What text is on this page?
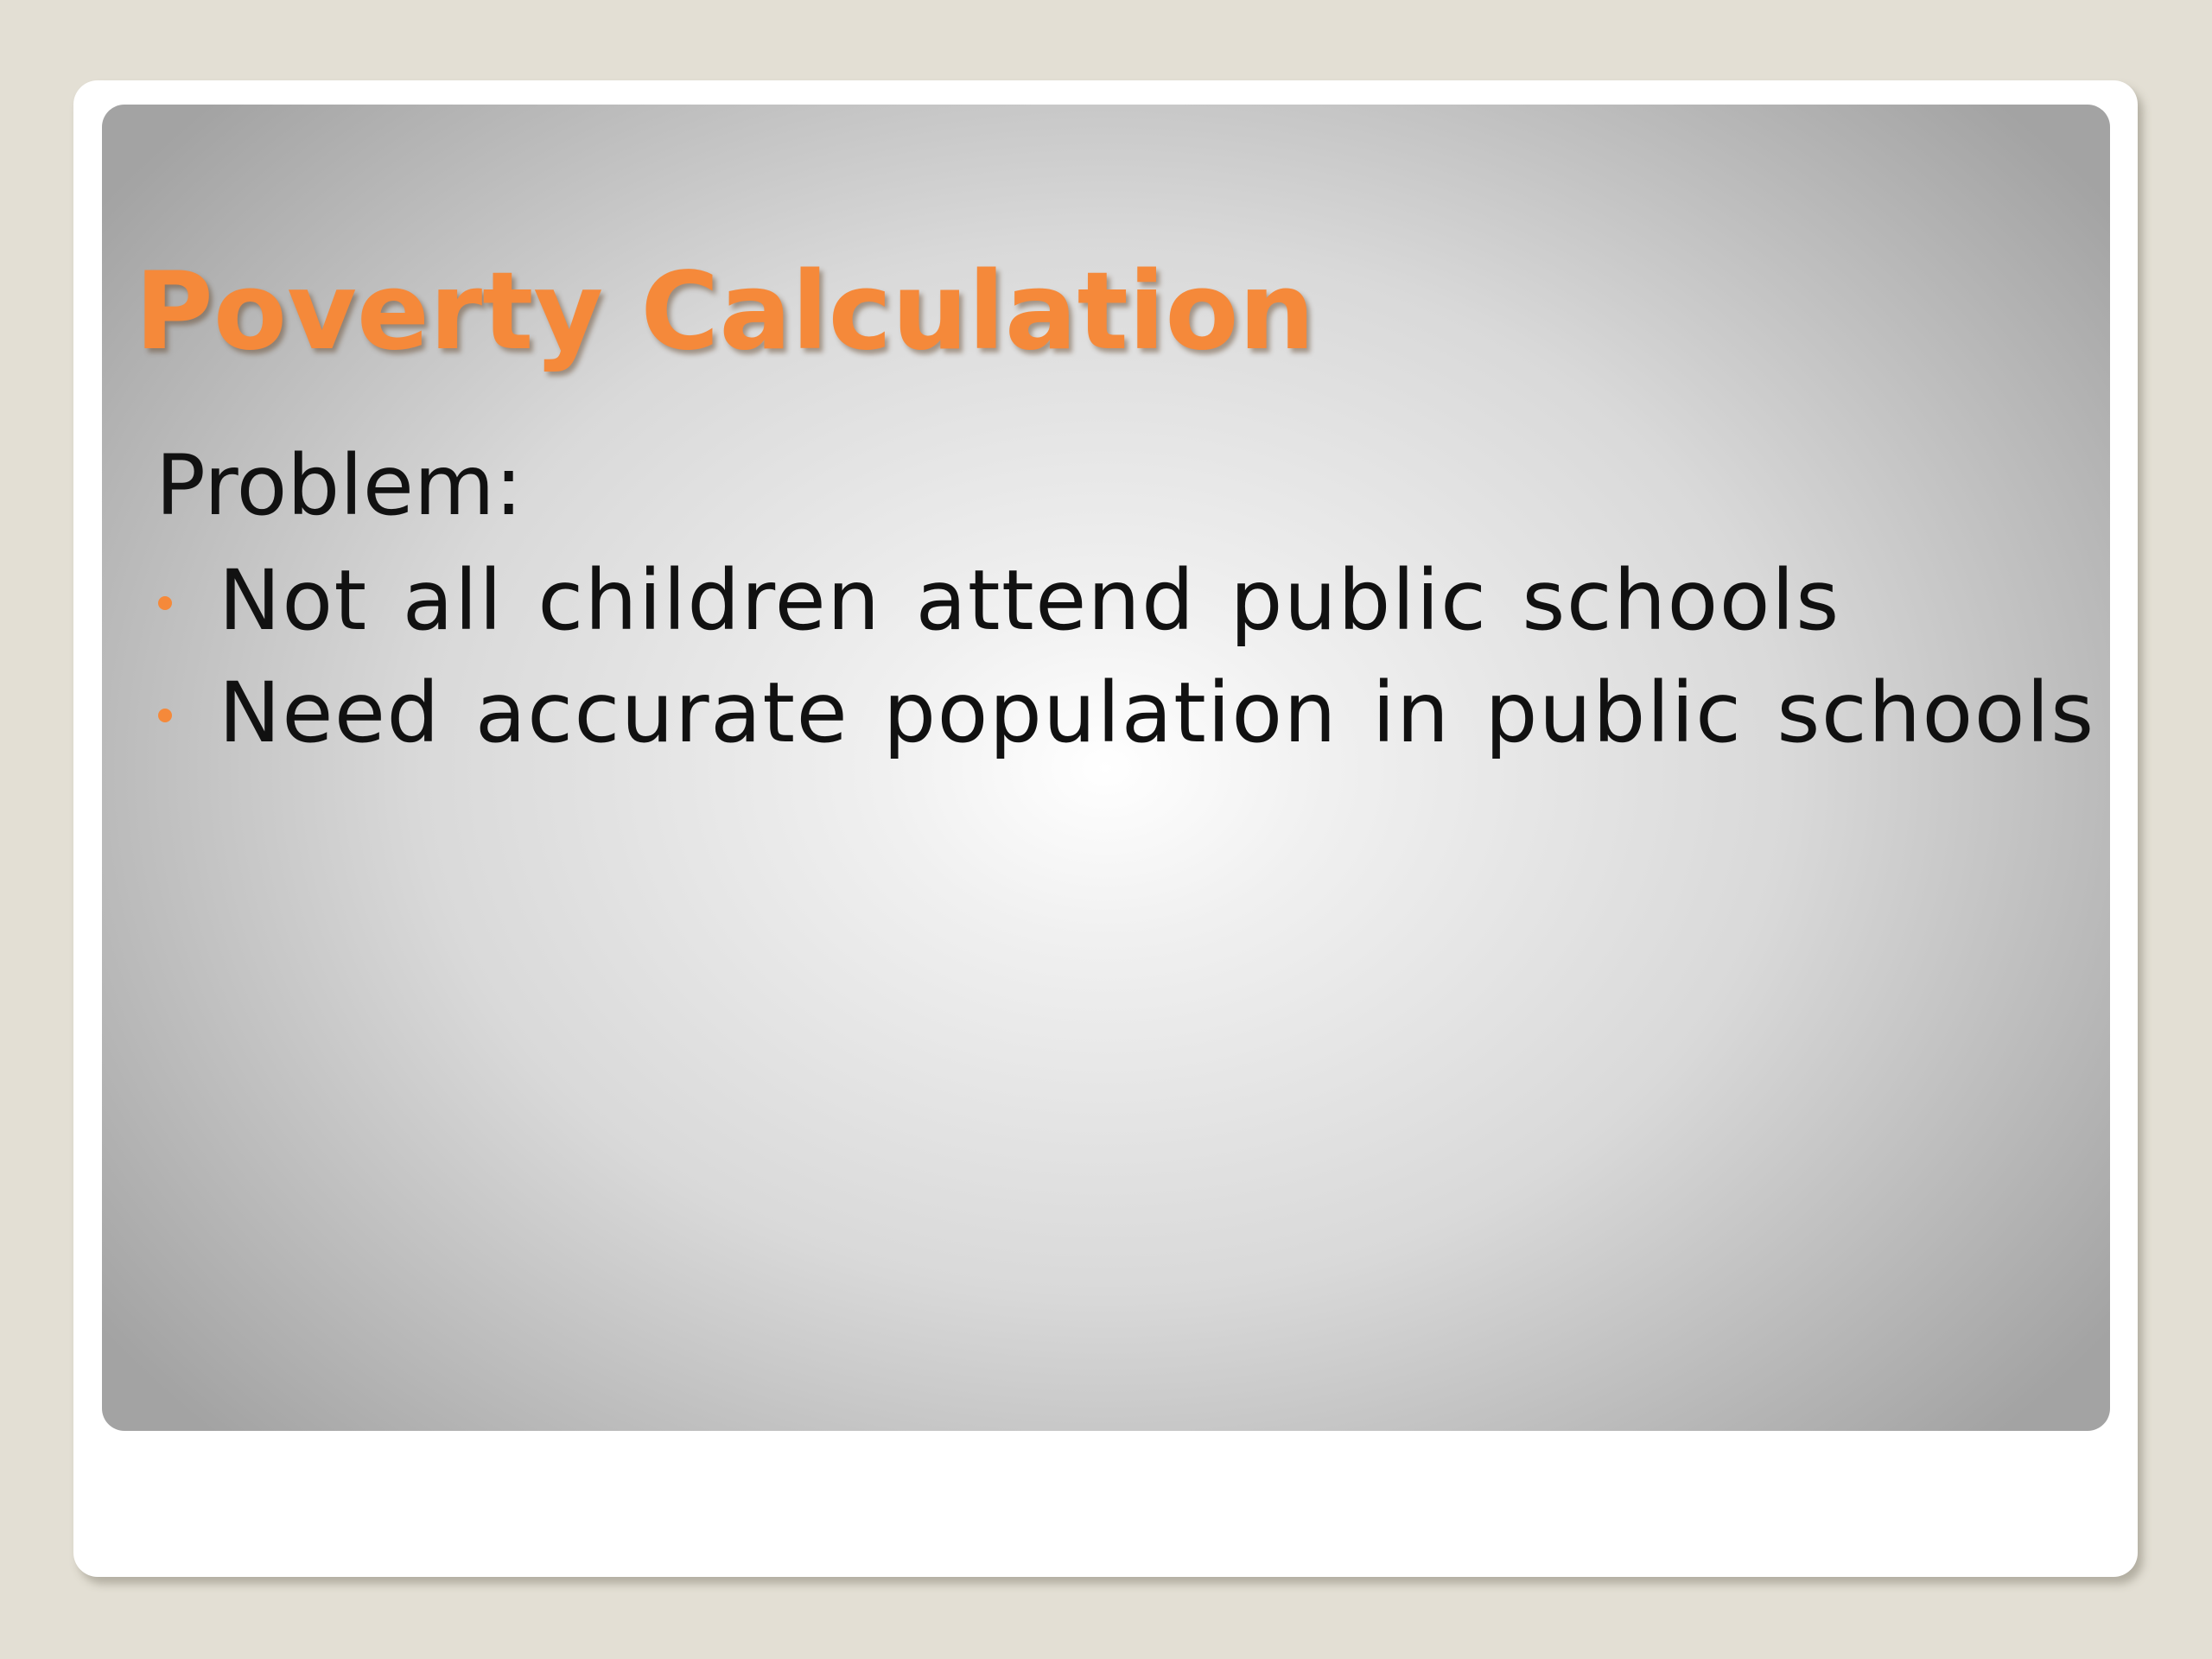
Poverty Calculation

Problem:

Not all children attend public schools
Need accurate population in public schools
